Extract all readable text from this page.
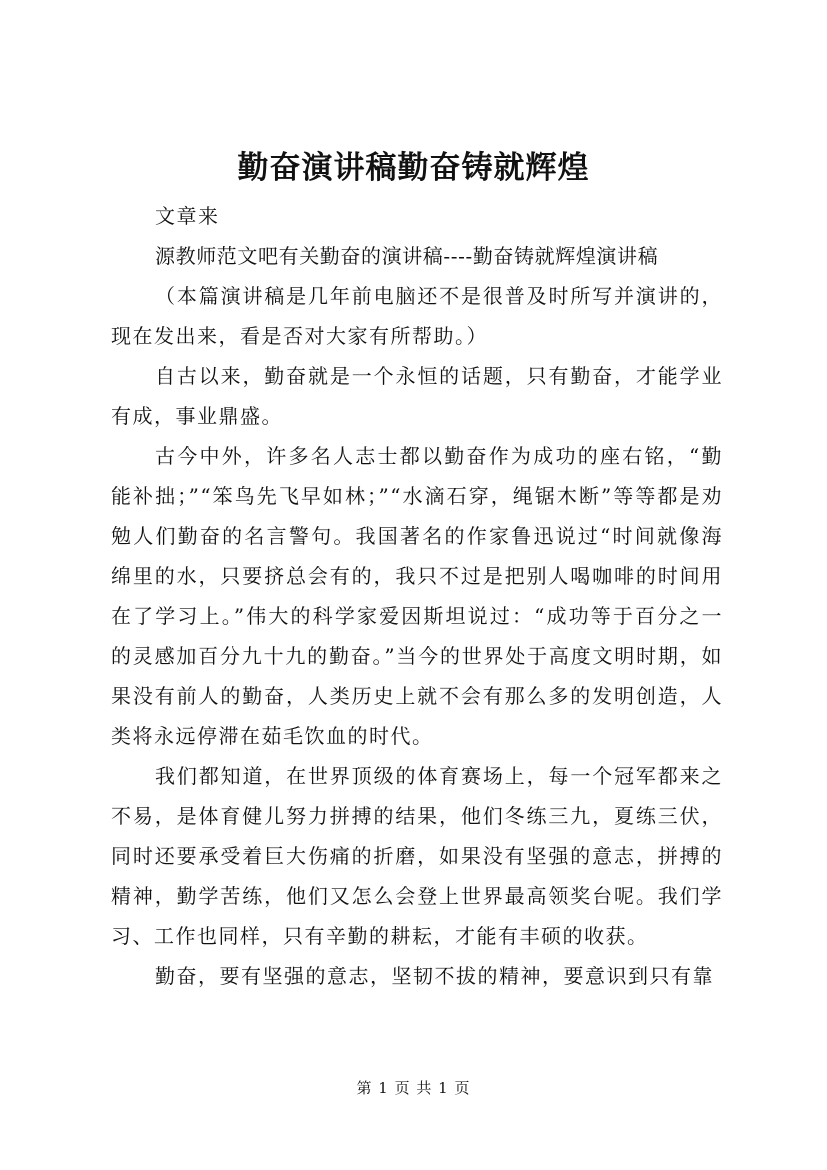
勤奋演讲稿勤奋铸就辉煌

文章来

源教师范文吧有关勤奋的演讲稿----勤奋铸就辉煌演讲稿

（本篇演讲稿是几年前电脑还不是很普及时所写并演讲的，现在发出来，看是否对大家有所帮助。）

自古以来，勤奋就是一个永恒的话题，只有勤奋，才能学业有成，事业鼎盛。

古今中外，许多名人志士都以勤奋作为成功的座右铭，“勤能补拙；”“笨鸟先飞早如林；”“水滴石穿，绳锯木断”等等都是劝勉人们勤奋的名言警句。我国著名的作家鲁迅说过“时间就像海绵里的水，只要挤总会有的，我只不过是把别人喝咖啡的时间用在了学习上。”伟大的科学家爱因斯坦说过：“成功等于百分之一的灵感加百分九十九的勤奋。”当今的世界处于高度文明时期，如果没有前人的勤奋，人类历史上就不会有那么多的发明创造，人类将永远停滞在茹毛饮血的时代。

我们都知道，在世界顶级的体育赛场上，每一个冠军都来之不易，是体育健儿努力拼搏的结果，他们冬练三九，夏练三伏，同时还要承受着巨大伤痛的折磨，如果没有坚强的意志，拼搏的精神，勤学苦练，他们又怎么会登上世界最高领奖台呢。我们学习、工作也同样，只有辛勤的耕耘，才能有丰硕的收获。

勤奋，要有坚强的意志，坚韧不拔的精神，要意识到只有靠

第 1 页 共 1 页
